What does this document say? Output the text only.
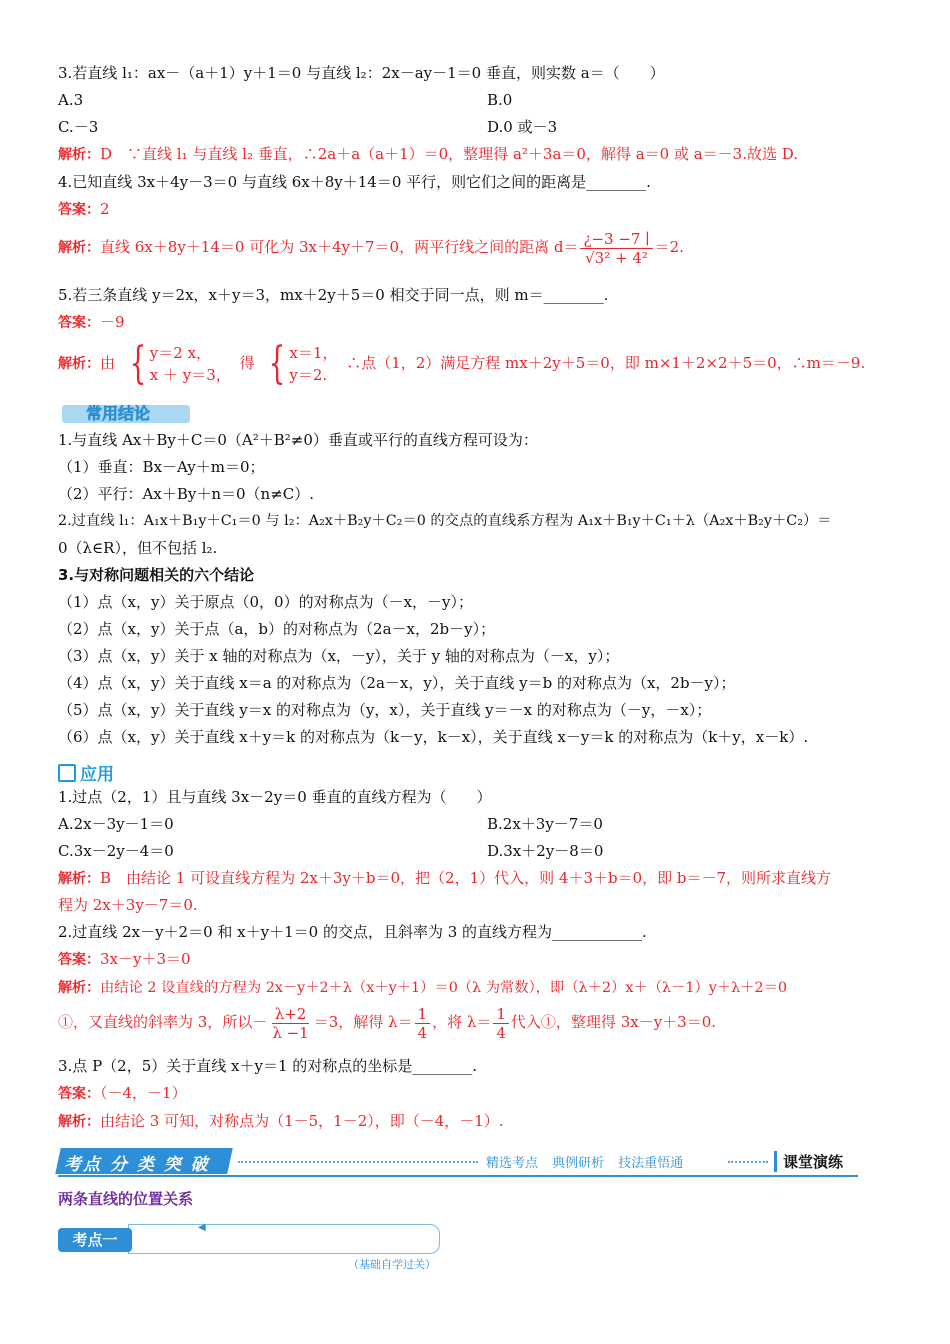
3.若直线 l₁：ax－（a＋1）y＋1＝0 与直线 l₂：2x－ay－1＝0 垂直，则实数 a＝（　　）
A.3	B.0
C.－3	D.0 或－3
解析：D　∵直线 l₁ 与直线 l₂ 垂直，∴2a＋a（a＋1）＝0，整理得 a²＋3a＝0，解得 a＝0 或 a＝－3.故选 D.
4.已知直线 3x＋4y－3＝0 与直线 6x＋8y＋14＝0 平行，则它们之间的距离是________.
答案：2
解析：直线 6x＋8y＋14＝0 可化为 3x＋4y＋7＝0，两平行线之间的距离 $d= \frac{¿-3 -7 ∣}{\text{√3² + 4²}} =2$.
5.若三条直线 y＝2x，x＋y＝3，mx＋2y＋5＝0 相交于同一点，则 m＝________.
答案：－9
解析：由 { y＝2 x，
x ＋ y＝3，
得 { x＝1，
y＝2.
∴点（1，2）满足方程 mx＋2y＋5＝0，即 m×1＋2×2＋5＝0，∴m＝－9.
常用结论
1.与直线 Ax＋By＋C＝0（A²＋B²≠0）垂直或平行的直线方程可设为：
（1）垂直：Bx－Ay＋m＝0；
（2）平行：Ax＋By＋n＝0（n≠C）.
2.过直线 l₁：A₁x＋B₁y＋C₁＝0 与 l₂：A₂x＋B₂y＋C₂＝0 的交点的直线系方程为 A₁x＋B₁y＋C₁＋λ（A₂x＋B₂y＋C₂）＝
0（λ∈R），但不包括 l₂.
3.与对称问题相关的六个结论
（1）点（x，y）关于原点（0，0）的对称点为（－x，－y）；
（2）点（x，y）关于点（a，b）的对称点为（2a－x，2b－y）；
（3）点（x，y）关于 x 轴的对称点为（x，－y），关于 y 轴的对称点为（－x，y）；
（4）点（x，y）关于直线 x＝a 的对称点为（2a－x，y），关于直线 y＝b 的对称点为（x，2b－y）；
（5）点（x，y）关于直线 y＝x 的对称点为（y，x），关于直线 y＝－x 的对称点为（－y，－x）；
（6）点（x，y）关于直线 x＋y＝k 的对称点为（k－y，k－x），关于直线 x－y＝k 的对称点为（k＋y，x－k）.
应用
1.过点（2，1）且与直线 3x－2y＝0 垂直的直线方程为（　　）
A.2x－3y－1＝0	B.2x＋3y－7＝0
C.3x－2y－4＝0	D.3x＋2y－8＝0
解析：B　由结论 1 可设直线方程为 2x＋3y＋b＝0，把（2，1）代入，则 4＋3＋b＝0，即 b＝－7，则所求直线方
程为 2x＋3y－7＝0.
2.过直线 2x－y＋2＝0 和 x＋y＋1＝0 的交点，且斜率为 3 的直线方程为____________.
答案：3x－y＋3＝0
解析：由结论 2 设直线的方程为 2x－y＋2＋λ（x＋y＋1）＝0（λ 为常数），即（λ＋2）x＋（λ－1）y＋λ＋2＝0
①，又直线的斜率为 3，所以－ $\frac{\lambda+2}{\lambda -1} =3$，解得 $\lambda= \frac{1}{4}$ ，将 $\lambda= \frac{1}{4}$ 代入①，整理得 3x－y＋3＝0.
3.点 P（2，5）关于直线 x＋y＝1 的对称点的坐标是________.
答案：（－4，－1）
解析：由结论 3 可知，对称点为（1－5，1－2），即（－4，－1）.
考点 分 类 突 破	精选考点 典例研析 技法重悟通	课堂演练
两条直线的位置关系
◀
考点一
（基础自学过关）
